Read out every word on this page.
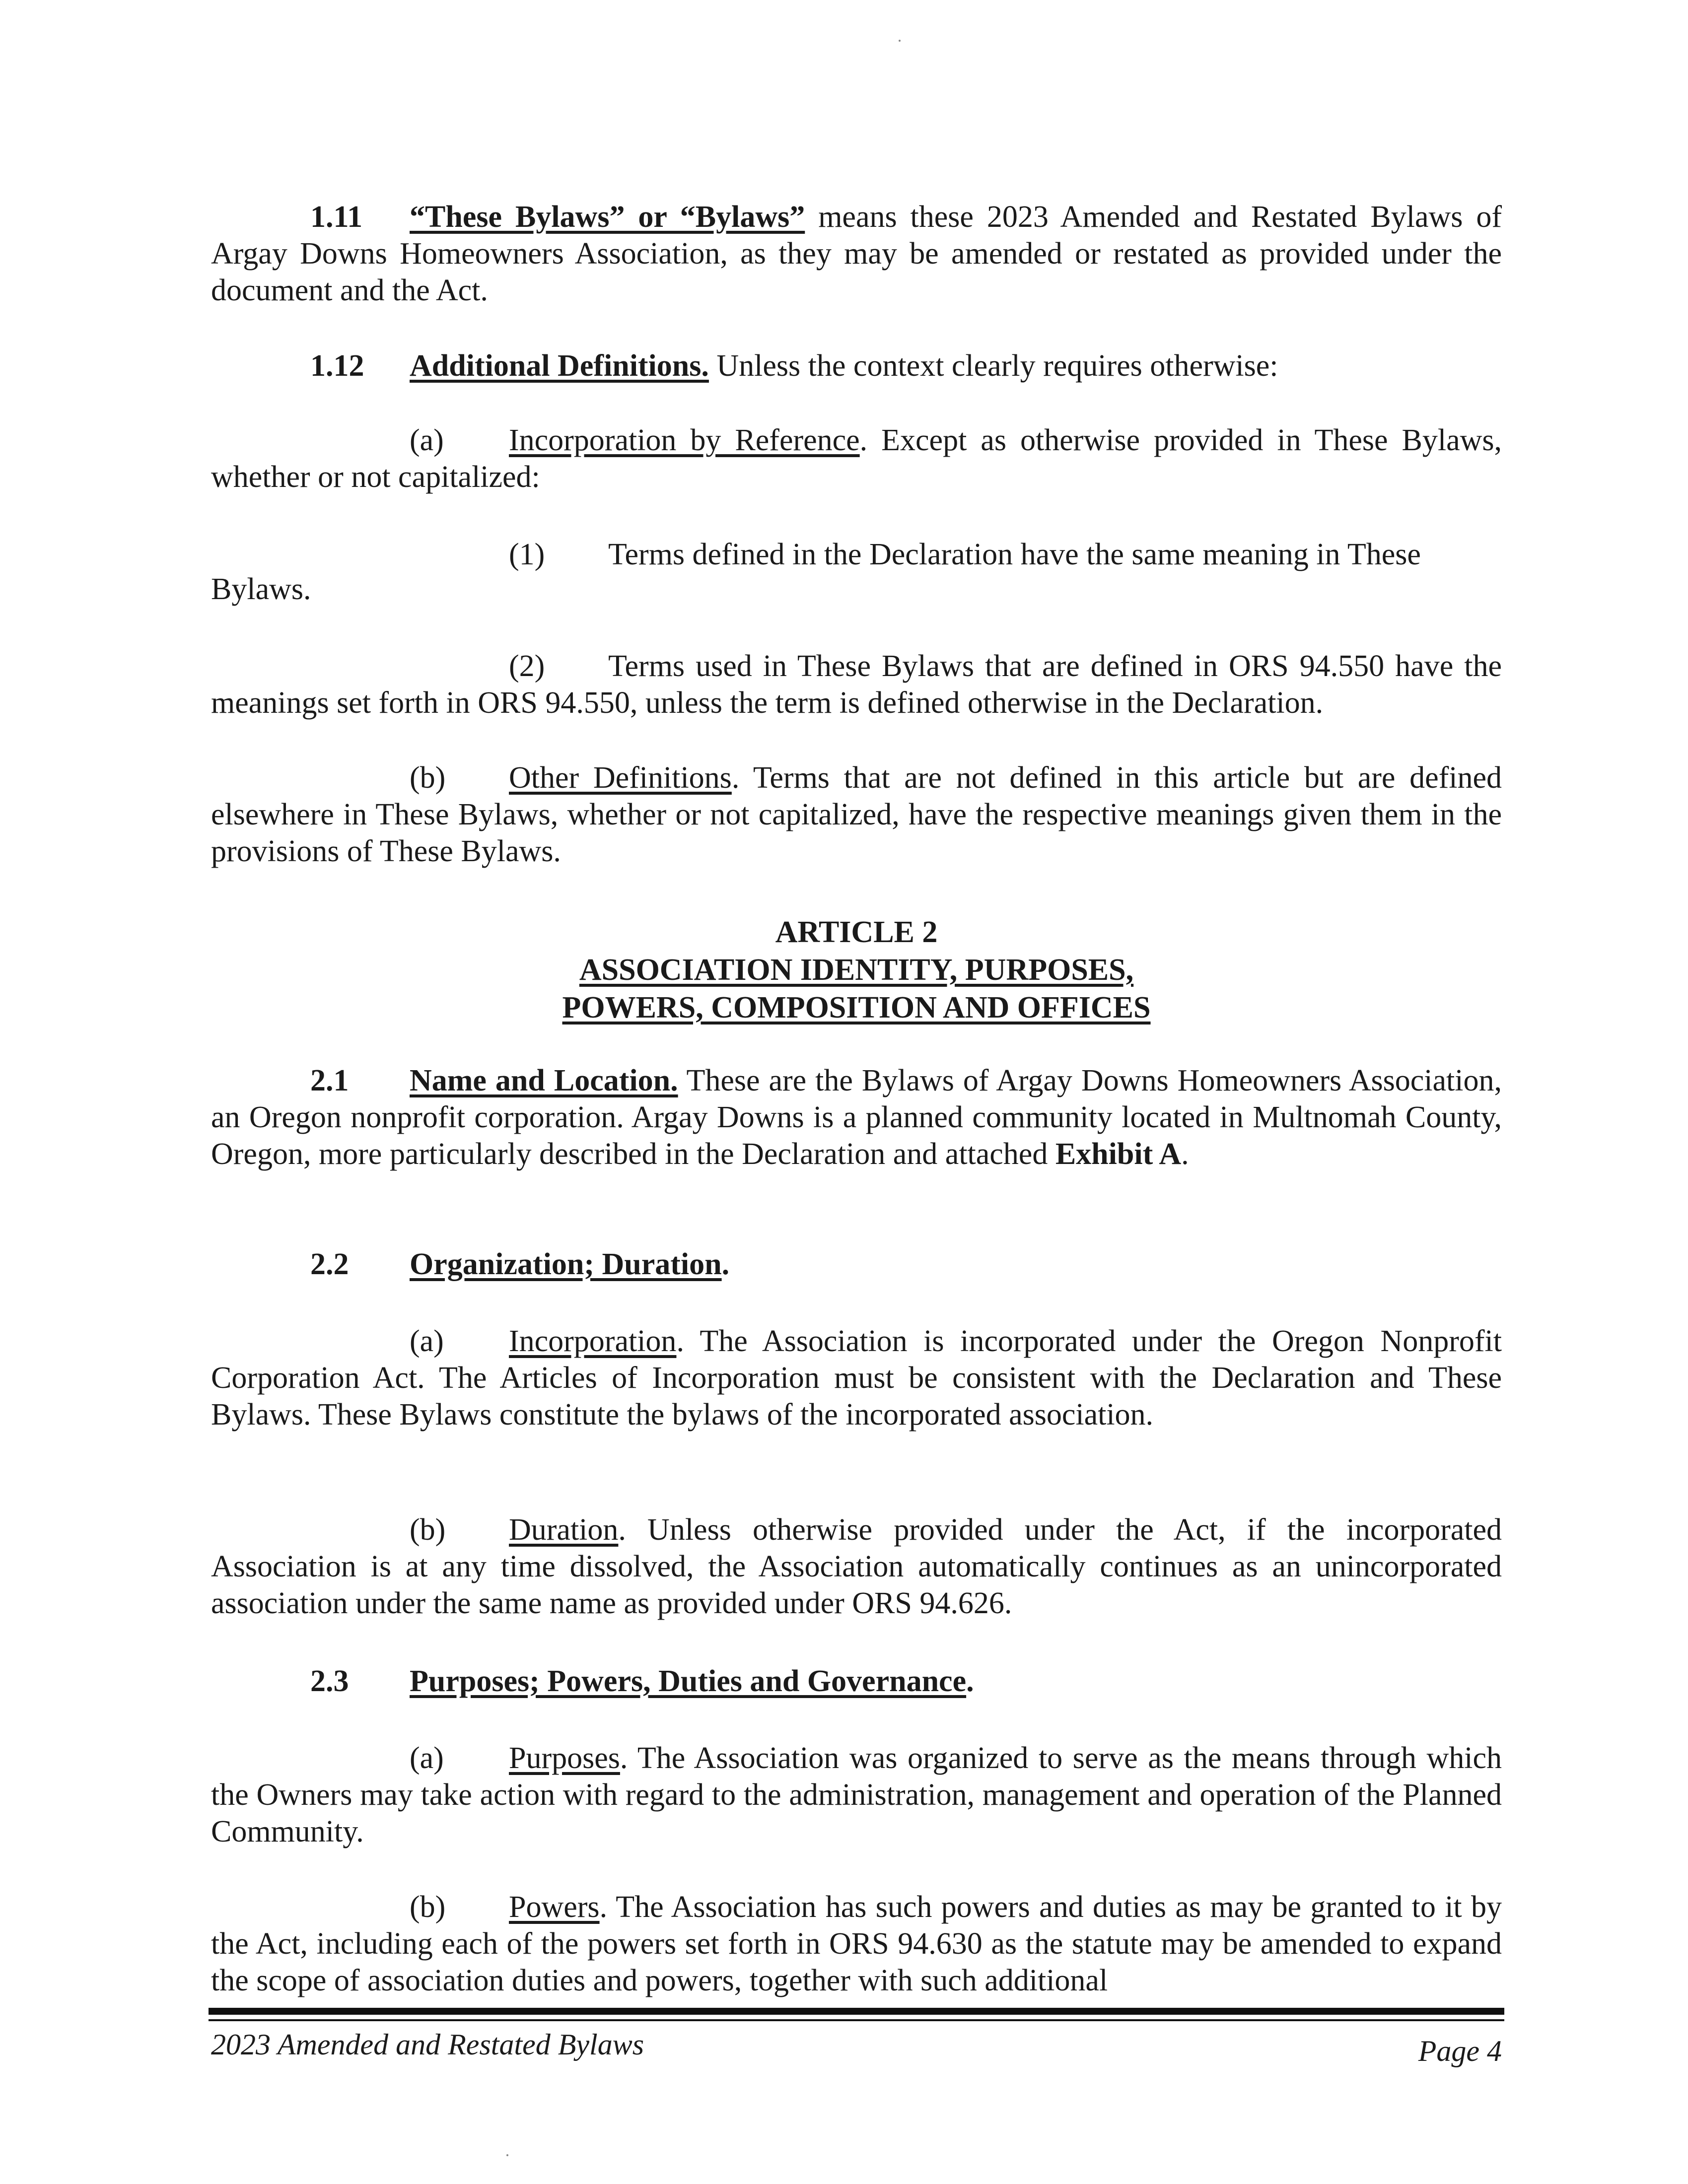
1.11 “These Bylaws” or “Bylaws” means these 2023 Amended and Restated Bylaws of Argay Downs Homeowners Association, as they may be amended or restated as provided under the document and the Act.
1.12 Additional Definitions. Unless the context clearly requires otherwise:
(a) Incorporation by Reference. Except as otherwise provided in These Bylaws, whether or not capitalized:
(1) Terms defined in the Declaration have the same meaning in These
Bylaws.
(2) Terms used in These Bylaws that are defined in ORS 94.550 have the meanings set forth in ORS 94.550, unless the term is defined otherwise in the Declaration.
(b) Other Definitions. Terms that are not defined in this article but are defined elsewhere in These Bylaws, whether or not capitalized, have the respective meanings given them in the provisions of These Bylaws.
ARTICLE 2
ASSOCIATION IDENTITY, PURPOSES,
POWERS, COMPOSITION AND OFFICES
2.1 Name and Location. These are the Bylaws of Argay Downs Homeowners Association, an Oregon nonprofit corporation. Argay Downs is a planned community located in Multnomah County, Oregon, more particularly described in the Declaration and attached Exhibit A.
2.2 Organization; Duration.
(a) Incorporation. The Association is incorporated under the Oregon Nonprofit Corporation Act. The Articles of Incorporation must be consistent with the Declaration and These Bylaws. These Bylaws constitute the bylaws of the incorporated association.
(b) Duration. Unless otherwise provided under the Act, if the incorporated Association is at any time dissolved, the Association automatically continues as an unincorporated association under the same name as provided under ORS 94.626.
2.3 Purposes; Powers, Duties and Governance.
(a) Purposes. The Association was organized to serve as the means through which the Owners may take action with regard to the administration, management and operation of the Planned Community.
(b) Powers. The Association has such powers and duties as may be granted to it by the Act, including each of the powers set forth in ORS 94.630 as the statute may be amended to expand the scope of association duties and powers, together with such additional
2023 Amended and Restated Bylaws	Page 4
